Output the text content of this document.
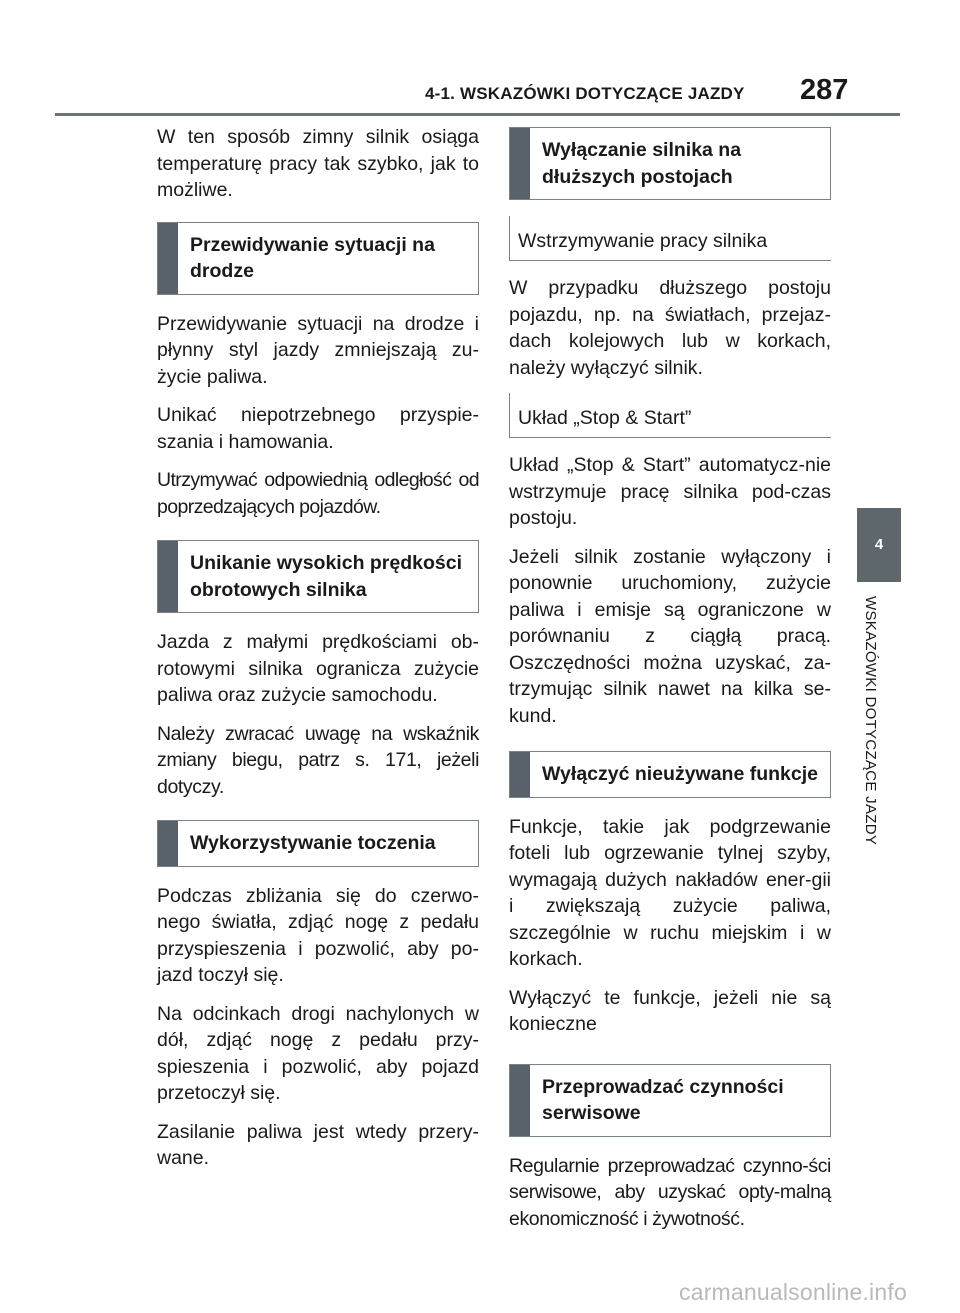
4-1. WSKAZÓWKI DOTYCZĄCE JAZDY 287
4
WSKAZÓWKI DOTYCZĄCE JAZDY

W ten sposób zimny silnik osiąga temperaturę pracy tak szybko, jak to możliwe.

Przewidywanie sytuacji na drodze

Przewidywanie sytuacji na drodze i płynny styl jazdy zmniejszają zu-życie paliwa.

Unikać niepotrzebnego przyspie-szania i hamowania.

Utrzymywać odpowiednią odległość od poprzedzających pojazdów.

Unikanie wysokich prędkości obrotowych silnika

Jazda z małymi prędkościami ob-rotowymi silnika ogranicza zużycie paliwa oraz zużycie samochodu.

Należy zwracać uwagę na wskaźnik zmiany biegu, patrz s. 171, jeżeli dotyczy.

Wykorzystywanie toczenia

Podczas zbliżania się do czerwo-nego światła, zdjąć nogę z pedału przyspieszenia i pozwolić, aby po-jazd toczył się.

Na odcinkach drogi nachylonych w dół, zdjąć nogę z pedału przy-spieszenia i pozwolić, aby pojazd przetoczył się.

Zasilanie paliwa jest wtedy przery-wane.

Wyłączanie silnika na dłuższych postojach
Wstrzymywanie pracy silnika

W przypadku dłuższego postoju pojazdu, np. na światłach, przejaz-dach kolejowych lub w korkach, należy wyłączyć silnik.

Układ „Stop & Start”

Układ „Stop & Start” automatycz-nie wstrzymuje pracę silnika pod-czas postoju.

Jeżeli silnik zostanie wyłączony i ponownie uruchomiony, zużycie paliwa i emisje są ograniczone w porównaniu z ciągłą pracą. Oszczędności można uzyskać, za-trzymując silnik nawet na kilka se-kund.

Wyłączyć nieużywane funkcje

Funkcje, takie jak podgrzewanie foteli lub ogrzewanie tylnej szyby, wymagają dużych nakładów ener-gii i zwiększają zużycie paliwa, szczególnie w ruchu miejskim i w korkach.

Wyłączyć te funkcje, jeżeli nie są konieczne

Przeprowadzać czynności serwisowe

Regularnie przeprowadzać czynno-ści serwisowe, aby uzyskać opty-malną ekonomiczność i żywotność.

carmanualsonline.info
